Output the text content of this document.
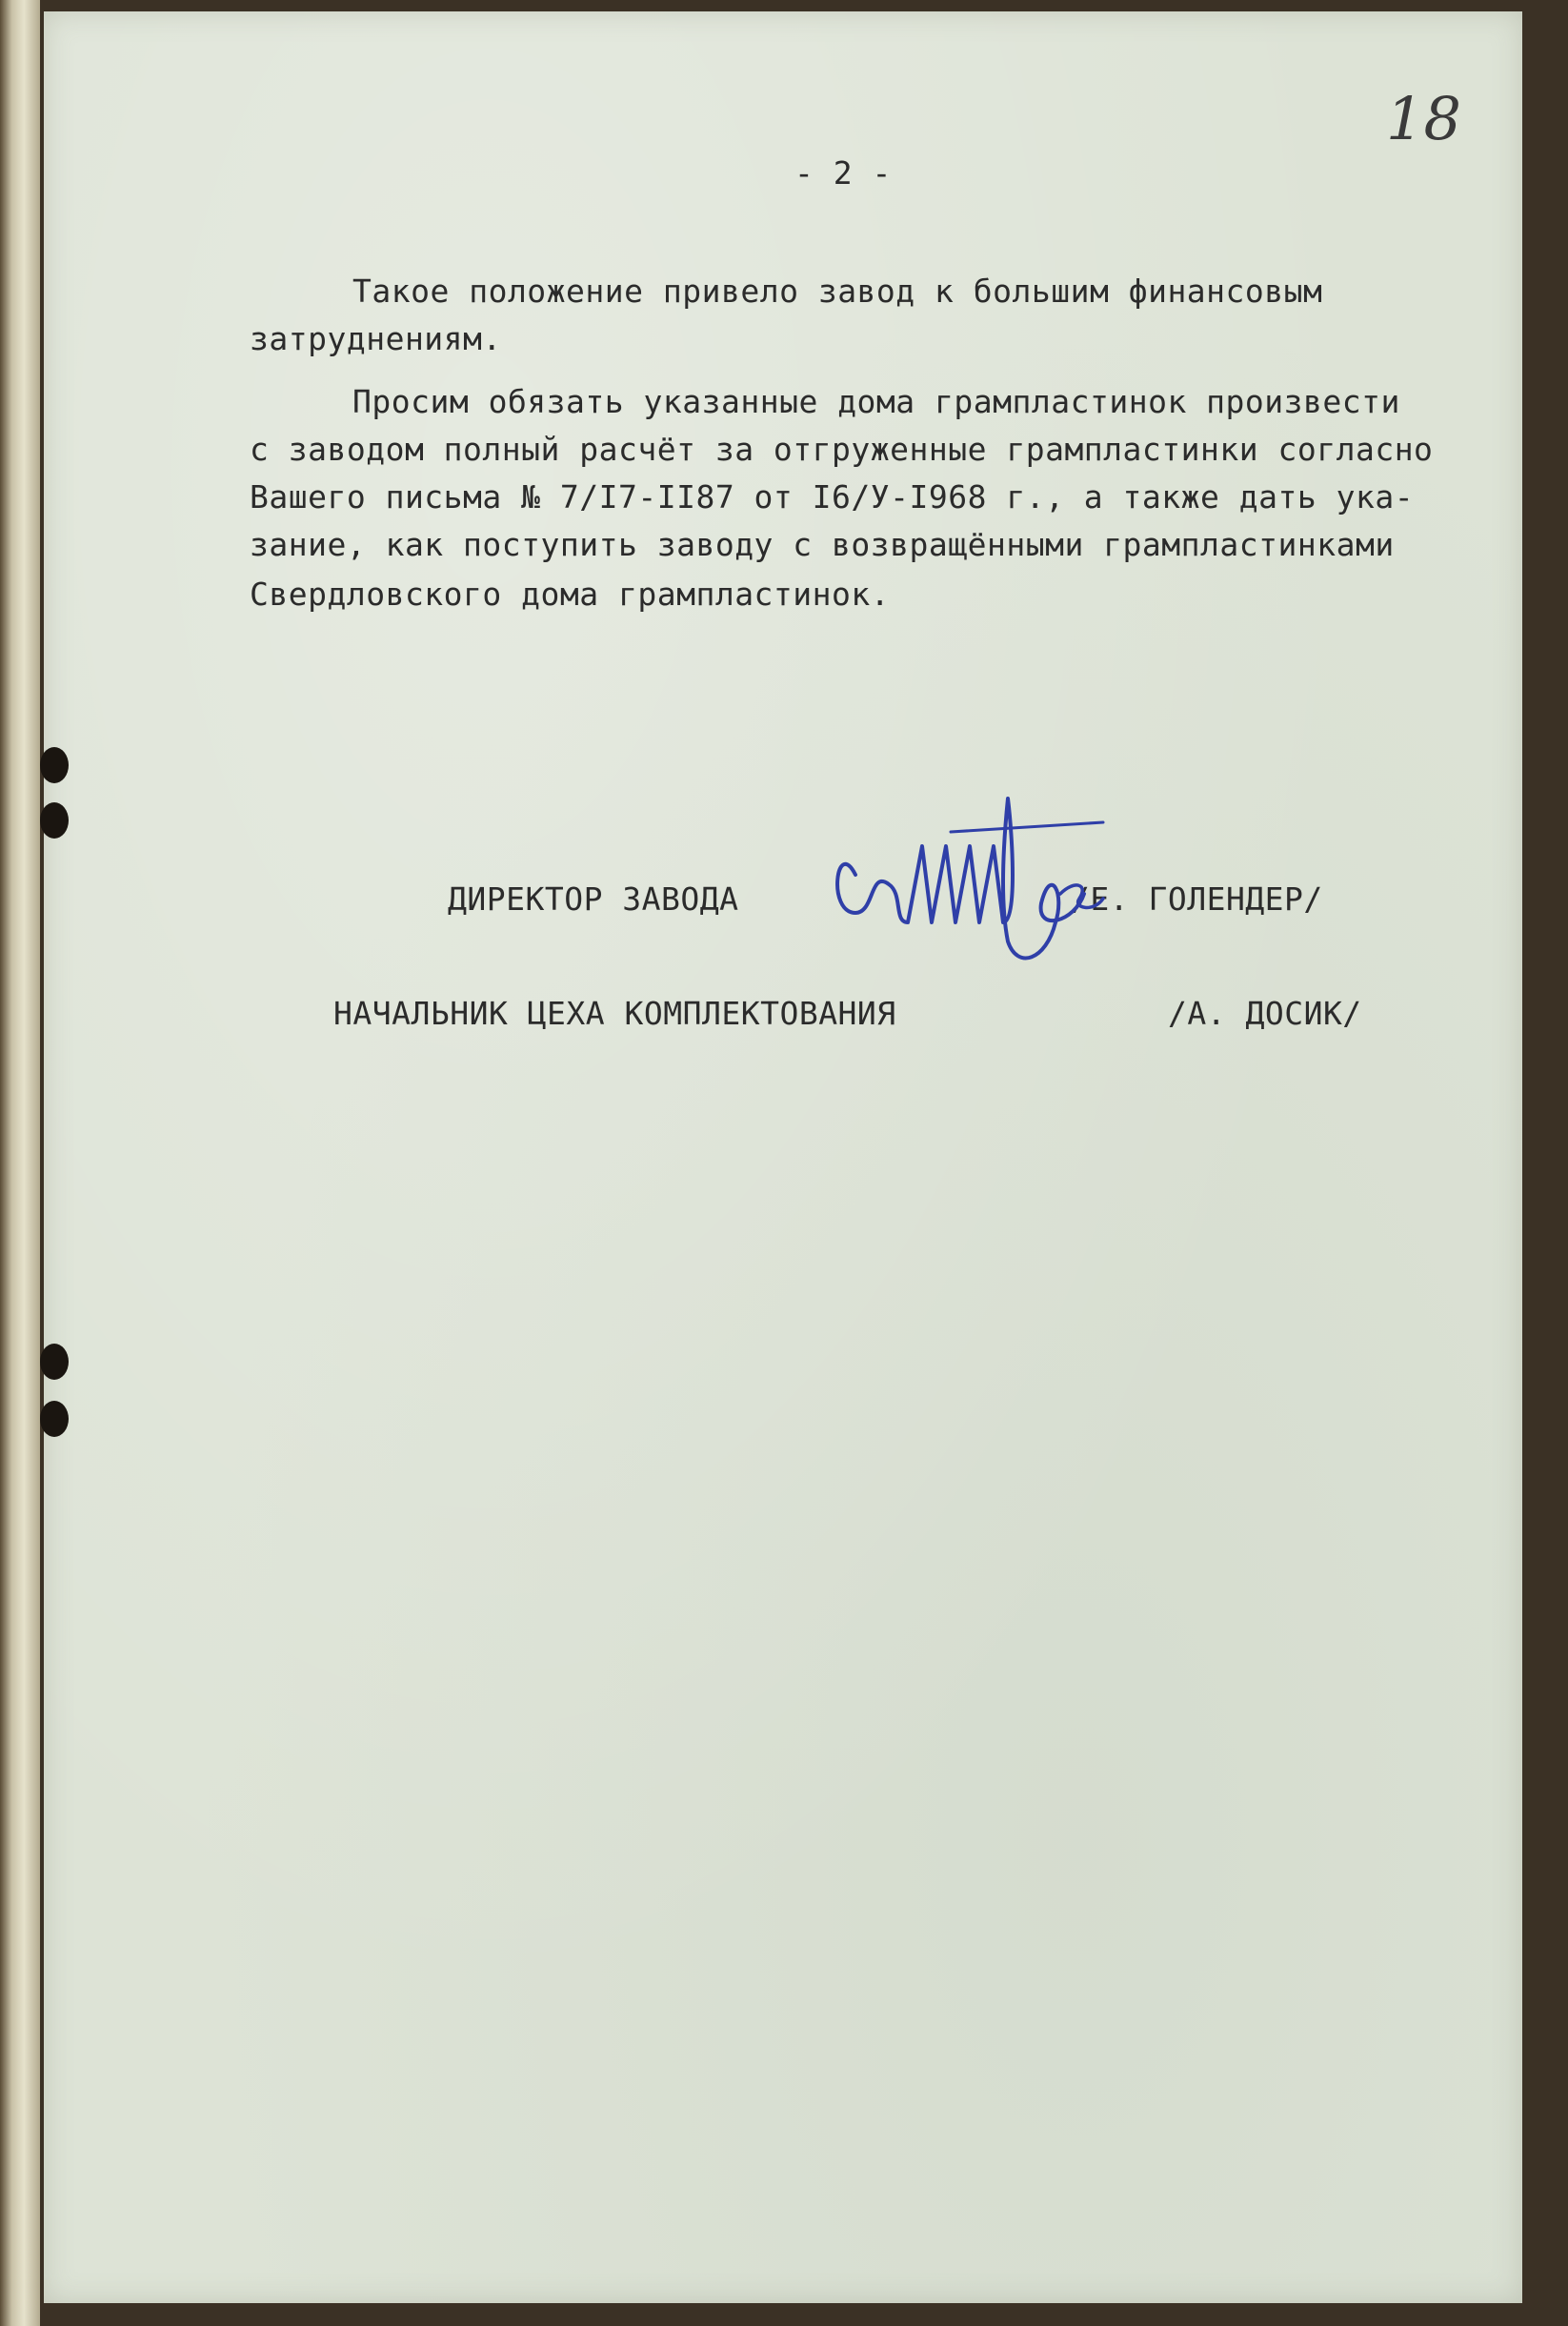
18

- 2 -

Такое положение привело завод к большим финансовым

затруднениям.

Просим обязать указанные дома грампластинок произвести

с заводом полный расчёт за отгруженные грампластинки согласно

Вашего письма № 7/I7-II87 от I6/У-I968 г., а также дать ука-

зание, как поступить заводу с возвращёнными грампластинками

Свердловского дома грампластинок.

ДИРЕКТОР ЗАВОДА	/Е. ГОЛЕНДЕР/

НАЧАЛЬНИК ЦЕХА КОМПЛЕКТОВАНИЯ	/А. ДОСИК/
